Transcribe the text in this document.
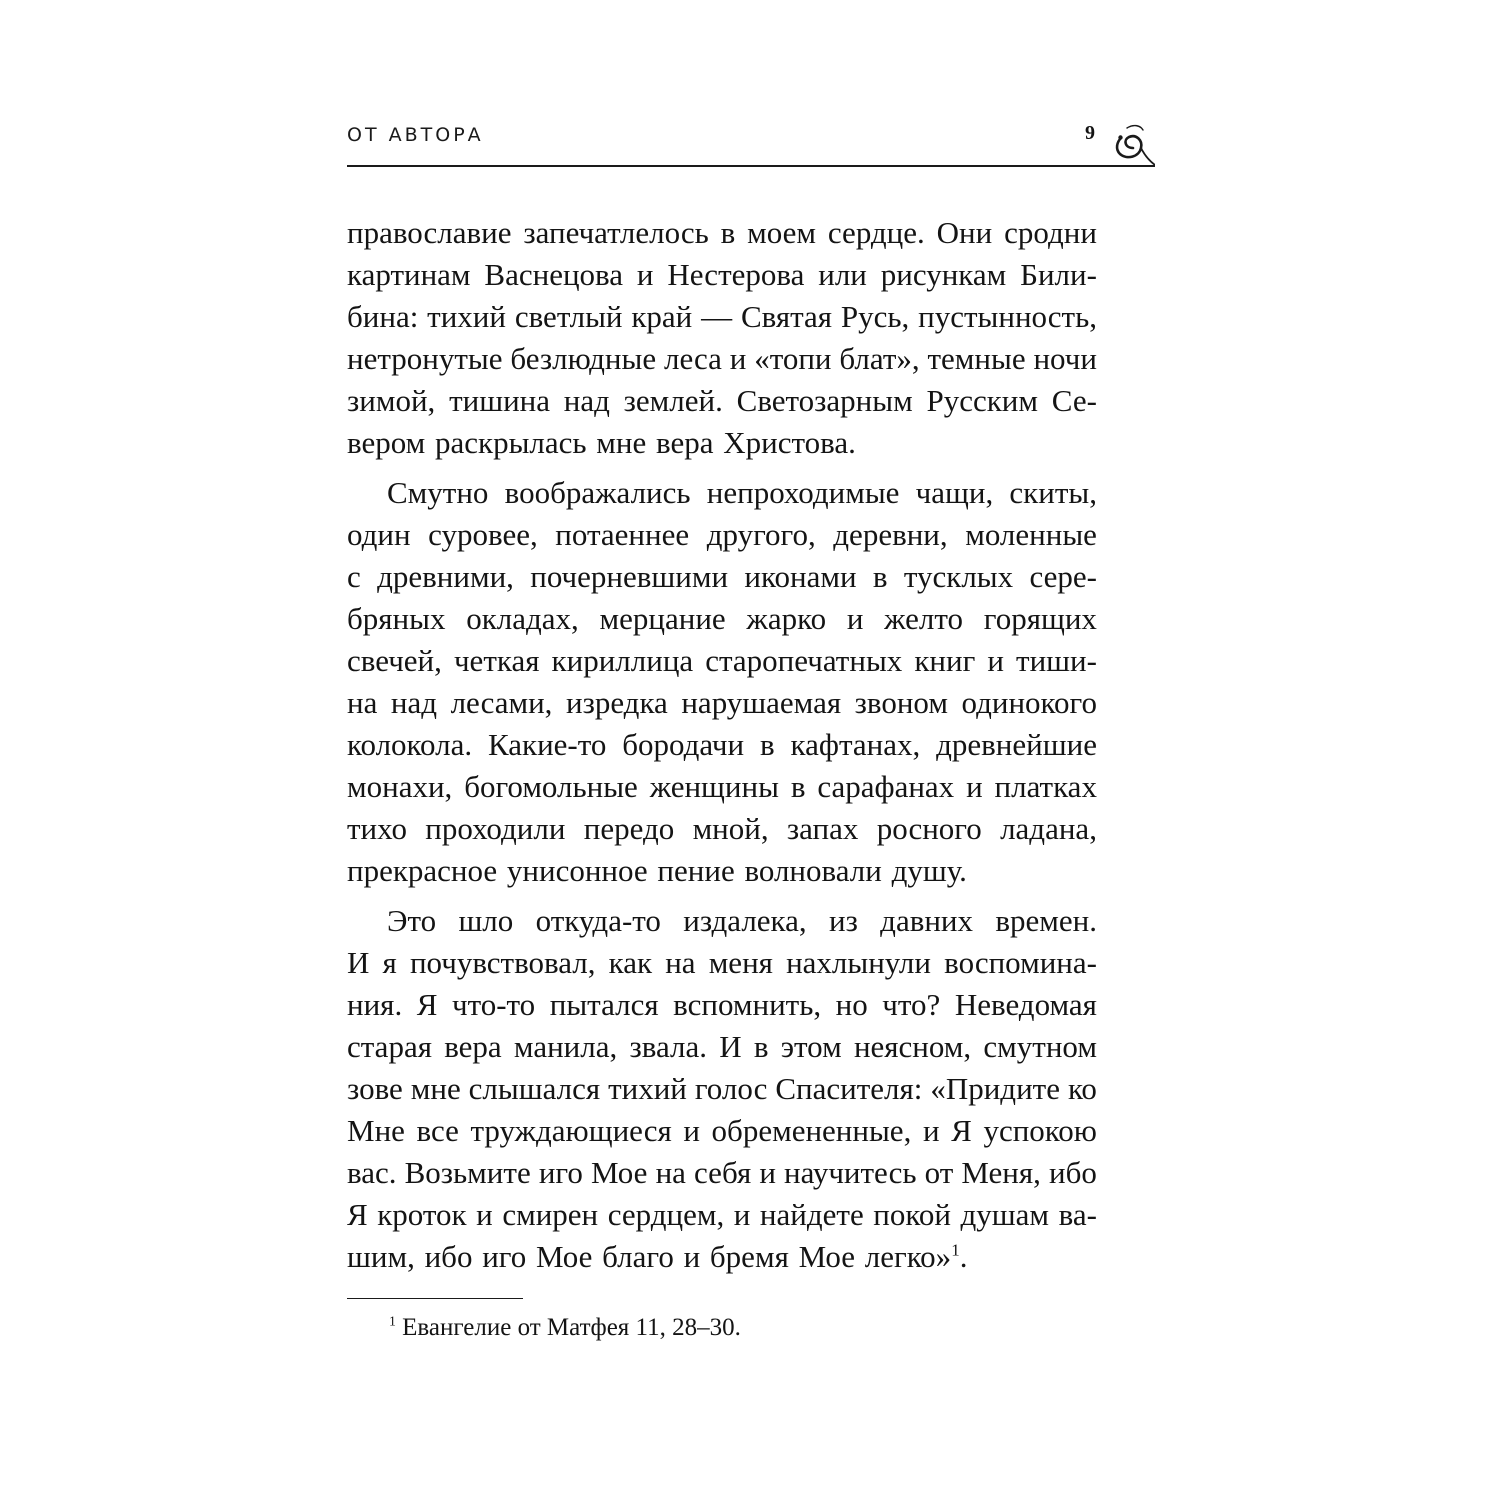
ОТ АВТОРА	9
православие запечатлелось в моем сердце. Они сродни
картинам Васнецова и Нестерова или рисункам Били-
бина: тихий светлый край — Святая Русь, пустынность,
нетронутые безлюдные леса и «топи блат», темные ночи
зимой, тишина над землей. Светозарным Русским Се-
вером раскрылась мне вера Христова.
Смутно воображались непроходимые чащи, скиты,
один суровее, потаеннее другого, деревни, моленные
с древними, почерневшими иконами в тусклых сере-
бряных окладах, мерцание жарко и желто горящих
свечей, четкая кириллица старопечатных книг и тиши-
на над лесами, изредка нарушаемая звоном одинокого
колокола. Какие-то бородачи в кафтанах, древнейшие
монахи, богомольные женщины в сарафанах и платках
тихо проходили передо мной, запах росного ладана,
прекрасное унисонное пение волновали душу.
Это шло откуда-то издалека, из давних времен.
И я почувствовал, как на меня нахлынули воспомина-
ния. Я что-то пытался вспомнить, но что? Неведомая
старая вера манила, звала. И в этом неясном, смутном
зове мне слышался тихий голос Спасителя: «Придите ко
Мне все труждающиеся и обремененные, и Я успокою
вас. Возьмите иго Мое на себя и научитесь от Меня, ибо
Я кроток и смирен сердцем, и найдете покой душам ва-
шим, ибо иго Мое благо и бремя Мое легко»$^1$.
$^1$ Евангелие от Матфея 11, 28–30.
